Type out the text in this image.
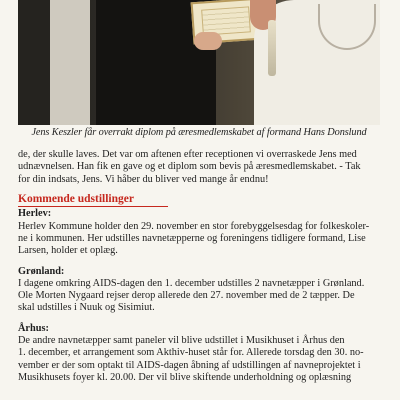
Jens Keszler får overrakt diplom på æresmedlemskabet af formand Hans Donslund

de, der skulle laves. Det var om aftenen efter receptionen vi overraskede Jens med
udnævnelsen. Han fik en gave og et diplom som bevis på æresmedlemskabet. - Tak
for din indsats, Jens. Vi håber du bliver ved mange år endnu!

Kommende udstillinger
Herlev:

Herlev Kommune holder den 29. november en stor forebyggelsesdag for folkeskoler-
ne i kommunen. Her udstilles navnetæpperne og foreningens tidligere formand, Lise
Larsen, holder et oplæg.

Grønland:

I dagene omkring AIDS-dagen den 1. december udstilles 2 navnetæpper i Grønland.
Ole Morten Nygaard rejser derop allerede den 27. november med de 2 tæpper. De
skal udstilles i Nuuk og Sisimiut.

Århus:

De andre navnetæpper samt paneler vil blive udstillet i Musikhuset i Århus den
1. december, et arrangement som Akthiv-huset står for. Allerede torsdag den 30. no-
vember er der som optakt til AIDS-dagen åbning af udstillingen af navneprojektet i
Musikhusets foyer kl. 20.00. Der vil blive skiftende underholdning og oplæsning
